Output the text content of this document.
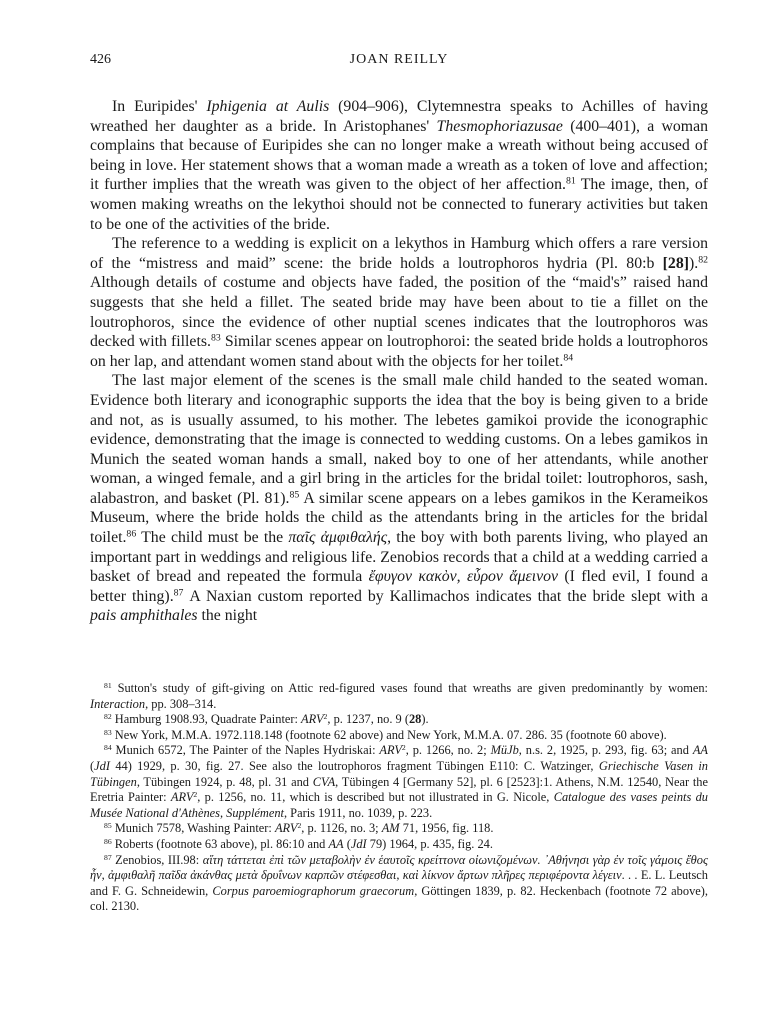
426	JOAN REILLY

In Euripides' Iphigenia at Aulis (904–906), Clytemnestra speaks to Achilles of having wreathed her daughter as a bride. In Aristophanes' Thesmophoriazusae (400–401), a woman complains that because of Euripides she can no longer make a wreath without being accused of being in love. Her statement shows that a woman made a wreath as a token of love and affection; it further implies that the wreath was given to the object of her affection.$^{81}$ The image, then, of women making wreaths on the lekythoi should not be connected to funerary activities but taken to be one of the activities of the bride.

The reference to a wedding is explicit on a lekythos in Hamburg which offers a rare version of the “mistress and maid” scene: the bride holds a loutrophoros hydria (Pl. 80:b [28]).$^{82}$ Although details of costume and objects have faded, the position of the “maid's” raised hand suggests that she held a fillet. The seated bride may have been about to tie a fillet on the loutrophoros, since the evidence of other nuptial scenes indicates that the loutrophoros was decked with fillets.$^{83}$ Similar scenes appear on loutrophoroi: the seated bride holds a loutrophoros on her lap, and attendant women stand about with the objects for her toilet.$^{84}$

The last major element of the scenes is the small male child handed to the seated woman. Evidence both literary and iconographic supports the idea that the boy is being given to a bride and not, as is usually assumed, to his mother. The lebetes gamikoi provide the iconographic evidence, demonstrating that the image is connected to wedding customs. On a lebes gamikos in Munich the seated woman hands a small, naked boy to one of her attendants, while another woman, a winged female, and a girl bring in the articles for the bridal toilet: loutrophoros, sash, alabastron, and basket (Pl. 81).$^{85}$ A similar scene appears on a lebes gamikos in the Kerameikos Museum, where the bride holds the child as the attendants bring in the articles for the bridal toilet.$^{86}$ The child must be the παῖς ἀμφιθαλής, the boy with both parents living, who played an important part in weddings and religious life. Zenobios records that a child at a wedding carried a basket of bread and repeated the formula ἔφυγον κακὸν, εὗρον ἄμεινον (I fled evil, I found a better thing).$^{87}$ A Naxian custom reported by Kallimachos indicates that the bride slept with a pais amphithales the night

$^{81}$ Sutton's study of gift-giving on Attic red-figured vases found that wreaths are given predominantly by women: Interaction, pp. 308–314.

$^{82}$ Hamburg 1908.93, Quadrate Painter: ARV$^2$, p. 1237, no. 9 (28).

$^{83}$ New York, M.M.A. 1972.118.148 (footnote 62 above) and New York, M.M.A. 07. 286. 35 (footnote 60 above).

$^{84}$ Munich 6572, The Painter of the Naples Hydriskai: ARV$^2$, p. 1266, no. 2; MüJb, n.s. 2, 1925, p. 293, fig. 63; and AA (JdI 44) 1929, p. 30, fig. 27. See also the loutrophoros fragment Tübingen E110: C. Watzinger, Griechische Vasen in Tübingen, Tübingen 1924, p. 48, pl. 31 and CVA, Tübingen 4 [Germany 52], pl. 6 [2523]:1. Athens, N.M. 12540, Near the Eretria Painter: ARV$^2$, p. 1256, no. 11, which is described but not illustrated in G. Nicole, Catalogue des vases peints du Musée National d'Athènes, Supplément, Paris 1911, no. 1039, p. 223.

$^{85}$ Munich 7578, Washing Painter: ARV$^2$, p. 1126, no. 3; AM 71, 1956, fig. 118.

$^{86}$ Roberts (footnote 63 above), pl. 86:10 and AA (JdI 79) 1964, p. 435, fig. 24.

$^{87}$ Zenobios, III.98: αἵτη τάττεται ἐπὶ τῶν μεταβολὴν ἐν ἑαυτοῖς κρείττονα οἰωνιζομένων. ᾽Αθήνησι γὰρ ἐν τοῖς γάμοις ἔθος ἦν, ἀμφιθαλῆ παῖδα ἀκάνθας μετὰ δρυΐνων καρπῶν στέφεσθαι, καὶ λίκνον ἄρτων πλῆρες περιφέροντα λέγειν. . . E. L. Leutsch and F. G. Schneidewin, Corpus paroemiographorum graecorum, Göttingen 1839, p. 82. Heckenbach (footnote 72 above), col. 2130.
